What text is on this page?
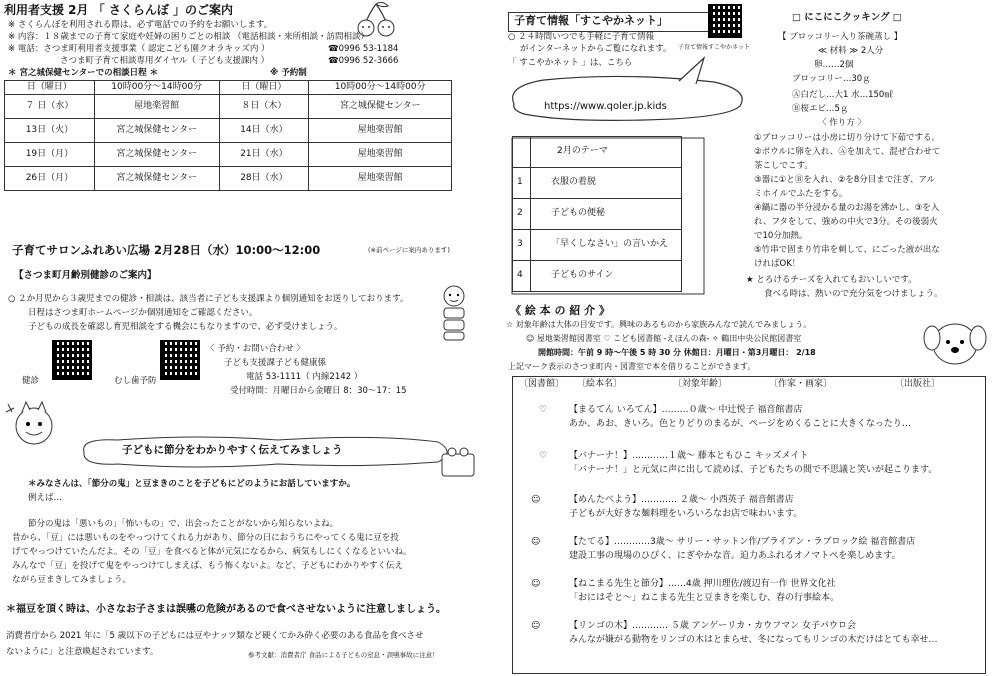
利用者支援 2月 「 さくらんぼ 」のご案内
※ さくらんぼを利用される際は、必ず電話での予約をお願いします。
※ 内容：１８歳までの子育て家庭や妊婦の困りごとの相談 （電話相談・来所相談・訪問相談）
※ 電話：さつま町利用者支援事業（ 認定こども園クオラキッズ内 ）	☎0996 53-1184
さつま町子育て相談専用ダイヤル（ 子ども支援課内 ）	☎0996 52-3666
＊ 宮之城保健センターでの相談日程 ＊	※ 予約制
日（曜日）	10時00分～14時00分	日（曜日）	10時00分～14時00分
７ 日（水）	屋地楽習館	８日（木）	宮之城保健センター
13日（火）	宮之城保健センター	14日（水）	屋地楽習館
19日（月）	宮之城保健センター	21日（水）	屋地楽習館
26日（月）	宮之城保健センター	28日（水）	屋地楽習館
子育てサロンふれあい広場 2月28日（水）10:00～12:00	(※前ページに案内あります)
【さつま町月齢別健診のご案内】
○ ２か月児から３歳児までの健診・相談は、該当者に子ども支援課より個別通知をお送りしております。
日程はさつま町ホームページか個別通知をご確認ください。
子どもの成長を確認し育児相談をする機会にもなりますので、必ず受けましょう。
健診	むし歯予防
〈 予約・お問い合わせ 〉
子ども支援課子ども健康係
電話 53-1111（ 内線2142 ）
受付時間：月曜日から金曜日 8：30～17：15
子どもに節分をわかりやすく伝えてみましょう
＊みなさんは、「節分の鬼」と豆まきのことを子どもにどのようにお話していますか。
例えば…
節分の鬼は「悪いもの」「怖いもの」で、出会ったことがないから知らないよね。
昔から、「豆」には悪いものをやっつけてくれる力があり、節分の日におうちにやってくる鬼に豆を投
げてやっつけていたんだよ。その「豆」を食べると体が元気になるから、病気もしにくくなるといいね。
みんなで「豆」を投げて鬼をやっつけてしまえば、もう怖くないよ。など、子どもにわかりやすく伝え
ながら豆まきしてみましょう。
＊福豆を頂く時は、小さなお子さまは誤嚥の危険があるので食べさせないように注意しましょう。
消費者庁から 2021 年に「5 歳以下の子どもには豆やナッツ類など硬くてかみ砕く必要のある食品を食べさせ
ないように」と注意喚起されています。	参考文献：消費者庁 食品による子どもの窒息・誤嚥事故に注意！
子育て情報「すこやかネット」
子育て情報すこやかネット
○ ２４時間いつでも手軽に子育て情報
がインターネットからご覧になれます。
「 すこやかネット 」は、こちら
https://www.qoler.jp.kids
	2月のテーマ
1	衣服の着脱
2	子どもの便秘
3	「早くしなさい」の言いかえ
4	子どものサイン
□ にこにこクッキング □
【 ブロッコリー入り茶碗蒸し 】
≪ 材料 ≫ 2人分
卵……2個
ブロッコリー…30ｇ
Ⓐ白だし…大1 水…150㎖
Ⓑ桜エビ…5ｇ
〈 作り方 〉
①ブロッコリーは小房に切り分けて下茹でする。
②ボウルに卵を入れ、Ⓐを加えて、混ぜ合わせて
茶こしでこす。
③器に①とⒷを入れ、②を8分目まで注ぎ、アル
ミホイルでふたをする。
④鍋に器の半分浸かる量のお湯を沸かし、③を入
れ、フタをして、強めの中火で3分。その後弱火
で10分加熱。
⑤竹串で固まり竹串を刺して、にごった液が出な
ければOK！
★ とろけるチーズを入れてもおいしいです。
食べる時は、熱いので充分気をつけましょう。
《 絵 本 の 紹 介 》
☆ 対象年齢は大体の目安です。興味のあるものから家族みんなで読んでみましょう。
☺ 屋地楽習館図書室 ♡ こども図書館 -えほんの森- ✧ 鶴田中央公民館図書室
開館時間：午前 9 時～午後 5 時 30 分 休館日：月曜日・第3月曜日： 2/18
上記マーク表示のさつま町内・図書室で本を借りることができます。
〔図書館〕 〔絵本名〕	〔対象年齢〕	〔作家・画家〕	〔出版社〕
♡ 【まるてん いろてん】………０歳～ 中辻悦子 福音館書店
あか、あお、きいろ。色とりどりのまるが、ページをめくることに大きくなったり…
♡ 【バナーナ！】…………１歳～ 藤本ともひこ キッズメイト
「バナーナ！」と元気に声に出して読めば、子どもたちの間で不思議と笑いが起こります。
☺	【めんたべよう】………… ２歳～ 小西英子 福音館書店
子どもが大好きな麺料理をいろいろなお店で味わいます。
☺	【たてる】…………3歳～ サリー・サットン作/ブライアン・ラブロック絵 福音館書店
建設工事の現場のひびく、にぎやかな音。迫力あふれるオノマトペを楽しめます。
☺	【ねこまる先生と節分】……4歳 押川理佐/渡辺有一作 世界文化社
「おにはそと～」ねこまる先生と豆まきを楽しむ、春の行事絵本。
☺	【リンゴの木】………… ５歳 アンゲーリカ・カウフマン 女子パウロ会
みんなが嫌がる動物をリンゴの木はとまらせ、冬になってもリンゴの木だけはとても幸せ…
